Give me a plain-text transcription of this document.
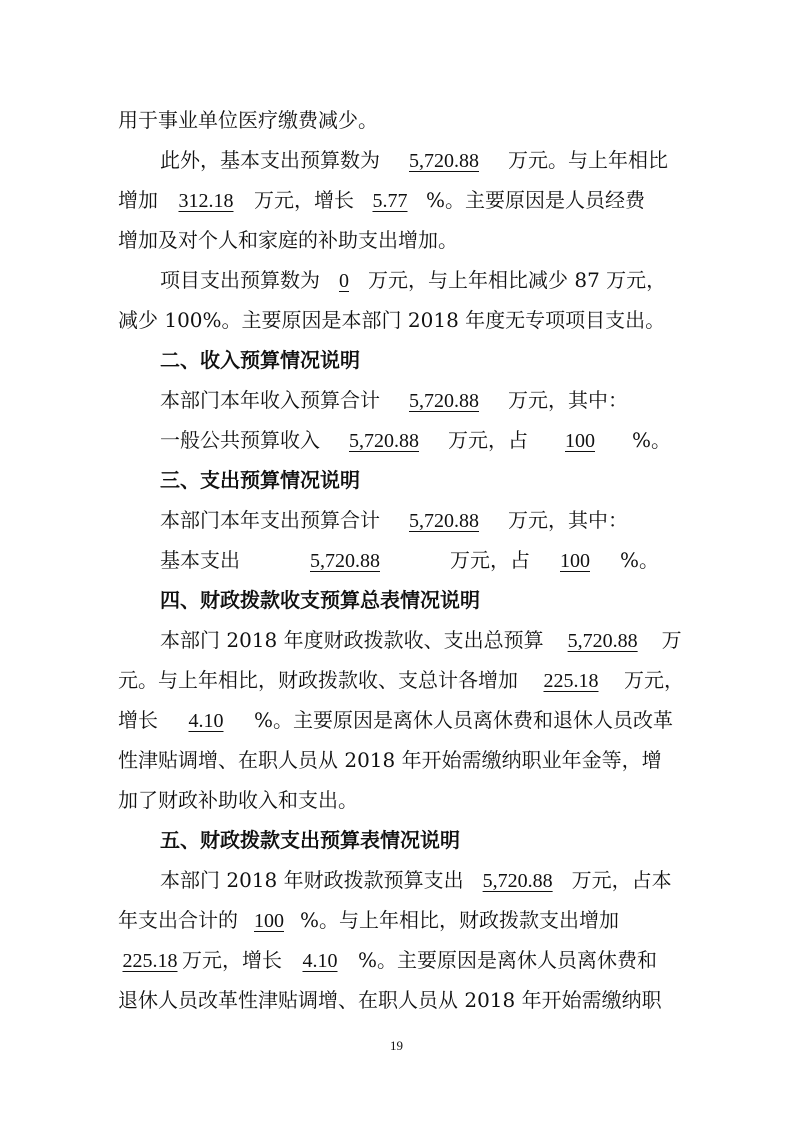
用于事业单位医疗缴费减少。
此外，基本支出预算数为 5,720.88 万元。与上年相比
增加 312.18 万元，增长 5.77 %。主要原因是人员经费
增加及对个人和家庭的补助支出增加。
项目支出预算数为 0 万元，与上年相比减少 87 万元，
减少 100%。主要原因是本部门 2018 年度无专项项目支出。
二、收入预算情况说明
本部门本年收入预算合计 5,720.88 万元，其中：
一般公共预算收入 5,720.88 万元，占 100 %。
三、支出预算情况说明
本部门本年支出预算合计 5,720.88 万元，其中：
基本支出	5,720.88	万元，占 100 %。
四、财政拨款收支预算总表情况说明
本部门 2018 年度财政拨款收、支出总预算 5,720.88 万
元。与上年相比，财政拨款收、支总计各增加 225.18 万元，
增长 4.10 %。主要原因是离休人员离休费和退休人员改革
性津贴调增、在职人员从 2018 年开始需缴纳职业年金等，增
加了财政补助收入和支出。
五、财政拨款支出预算表情况说明
本部门 2018 年财政拨款预算支出 5,720.88 万元，占本
年支出合计的 100 %。与上年相比，财政拨款支出增加
225.18 万元，增长 4.10 %。主要原因是离休人员离休费和
退休人员改革性津贴调增、在职人员从 2018 年开始需缴纳职
19
